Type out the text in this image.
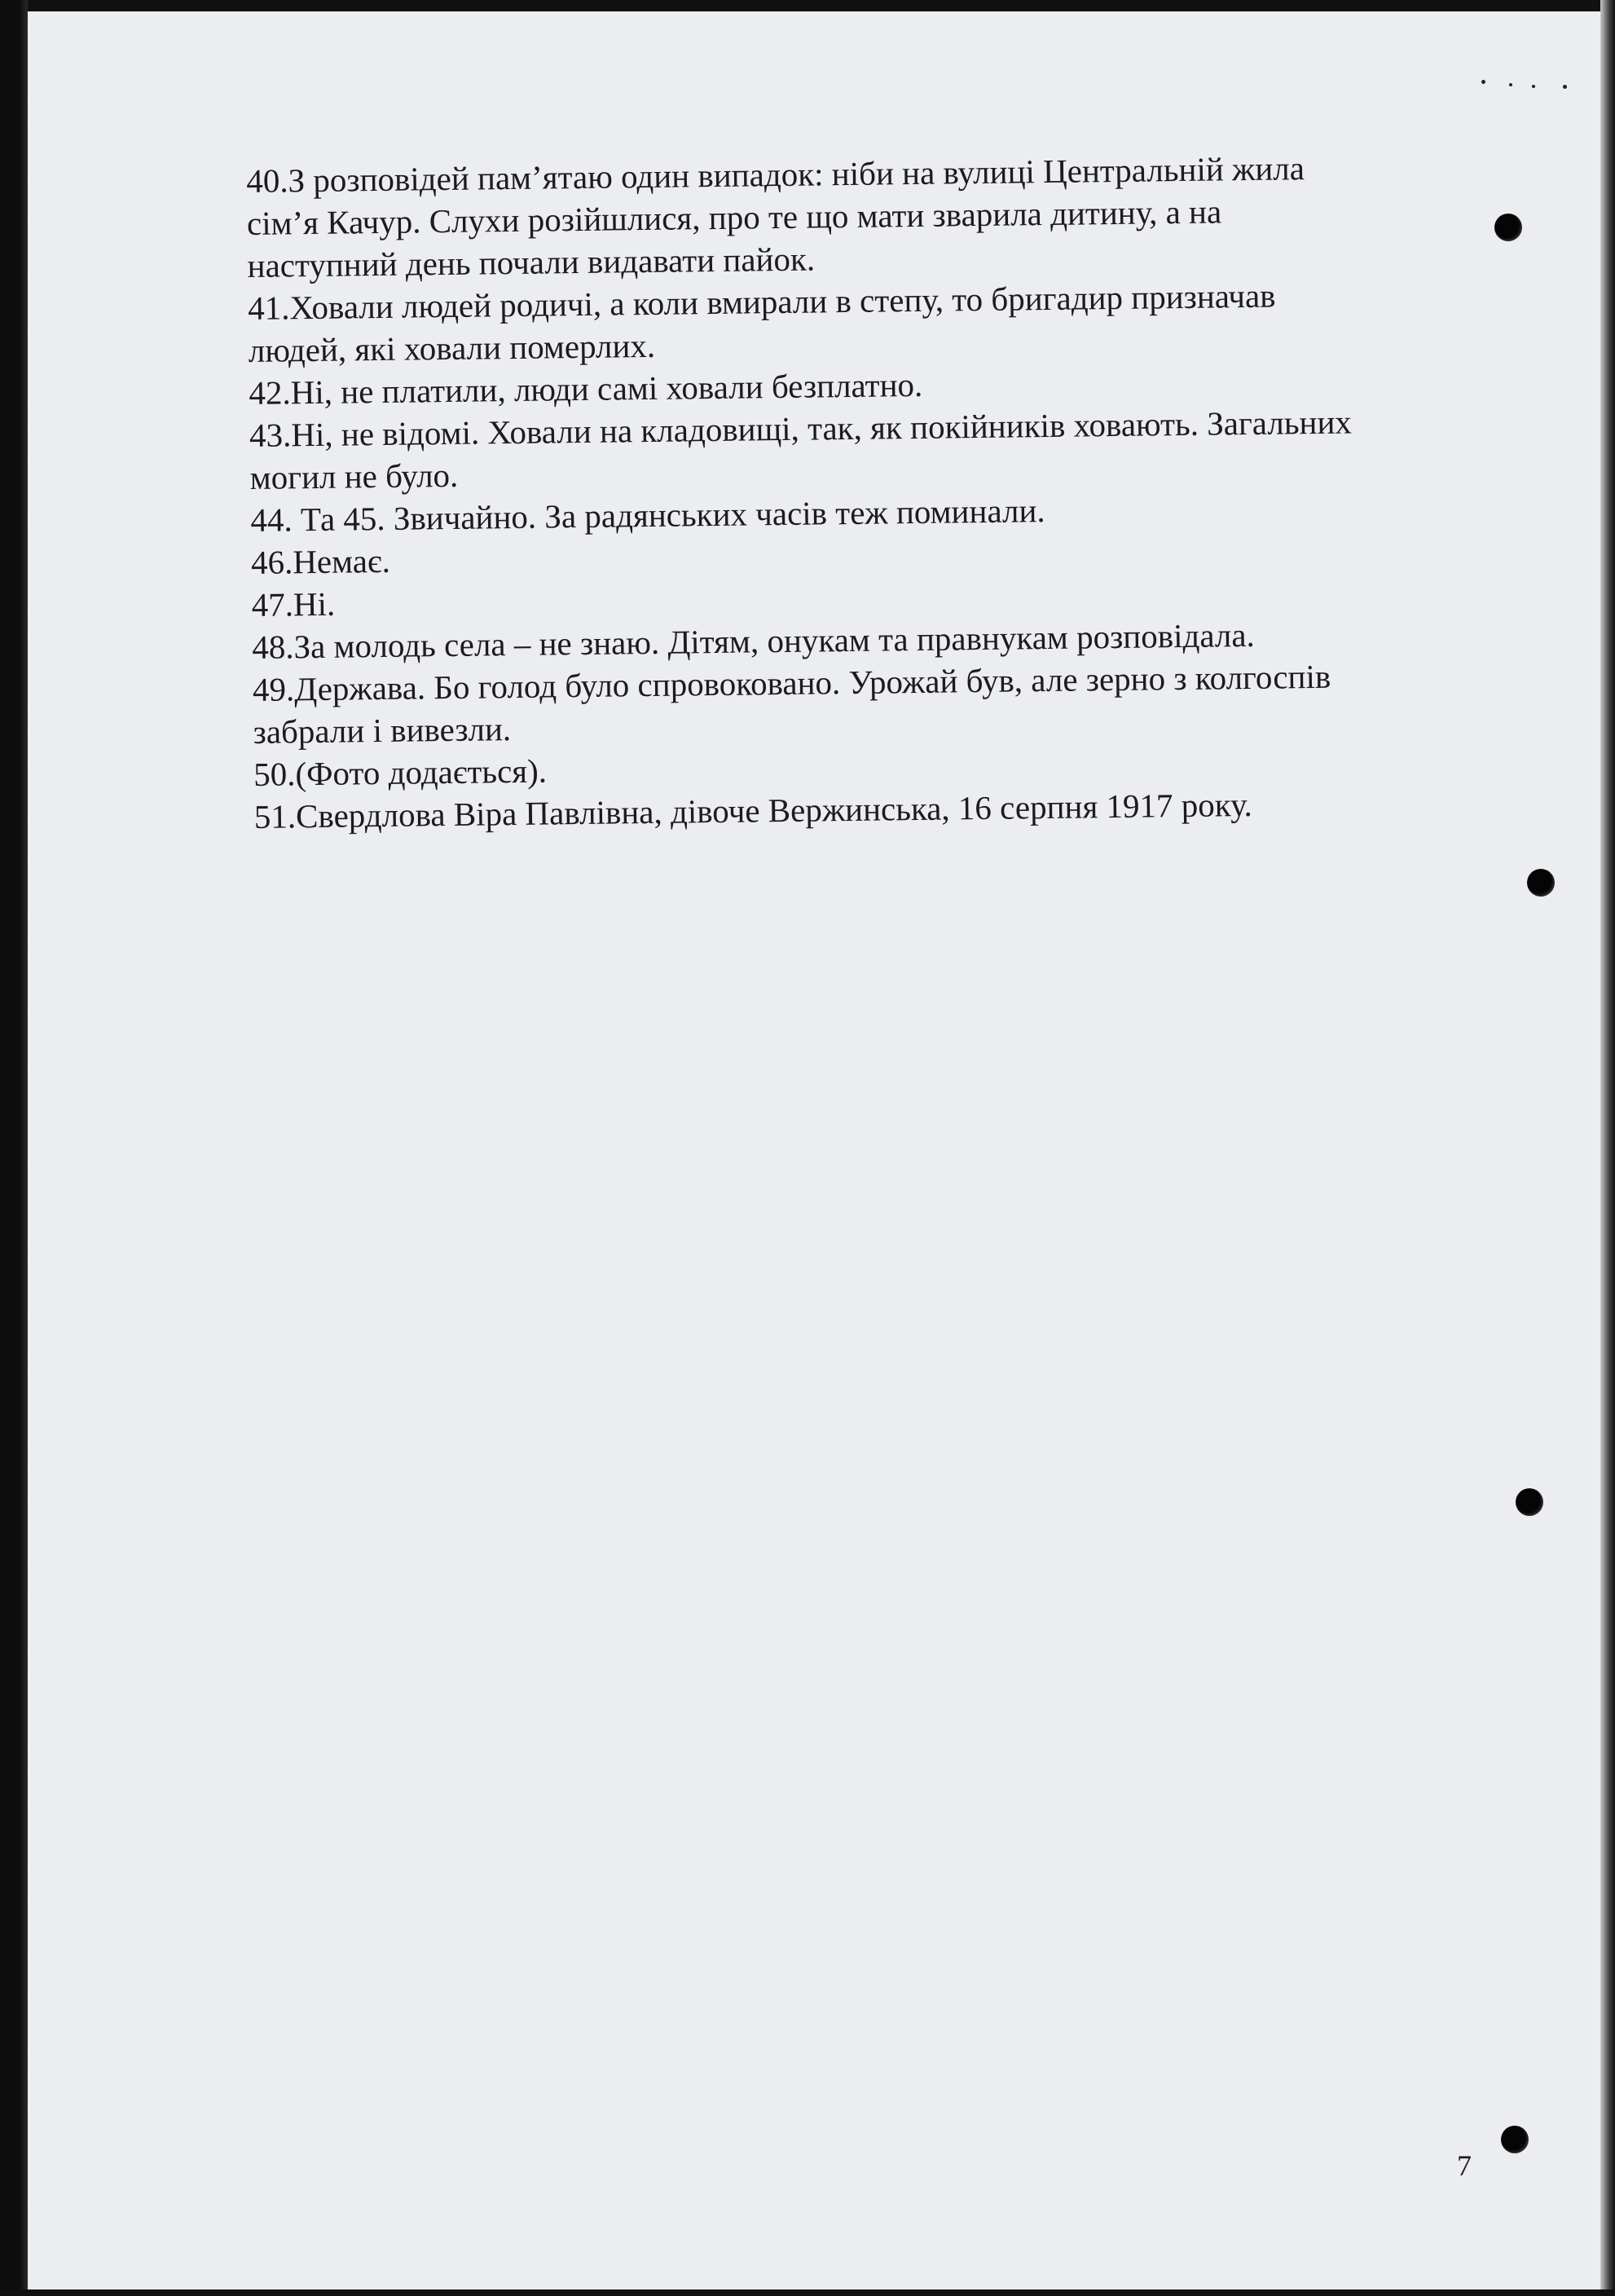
40.З розповідей пам’ятаю один випадок: ніби на вулиці Центральній жила
сім’я Качур. Слухи розійшлися, про те що мати зварила дитину, а на
наступний день почали видавати пайок.
41.Ховали людей родичі, а коли вмирали в степу, то бригадир призначав
людей, які ховали померлих.
42.Ні, не платили, люди самі ховали безплатно.
43.Ні, не відомі. Ховали на кладовищі, так, як покійників ховають. Загальних
могил не було.
44. Та 45. Звичайно. За радянських часів теж поминали.
46.Немає.
47.Ні.
48.За молодь села – не знаю. Дітям, онукам та правнукам розповідала.
49.Держава. Бо голод було спровоковано. Урожай був, але зерно з колгоспів
забрали і вивезли.
50.(Фото додається).
51.Свердлова Віра Павлівна, дівоче Вержинська, 16 серпня 1917 року.
7
